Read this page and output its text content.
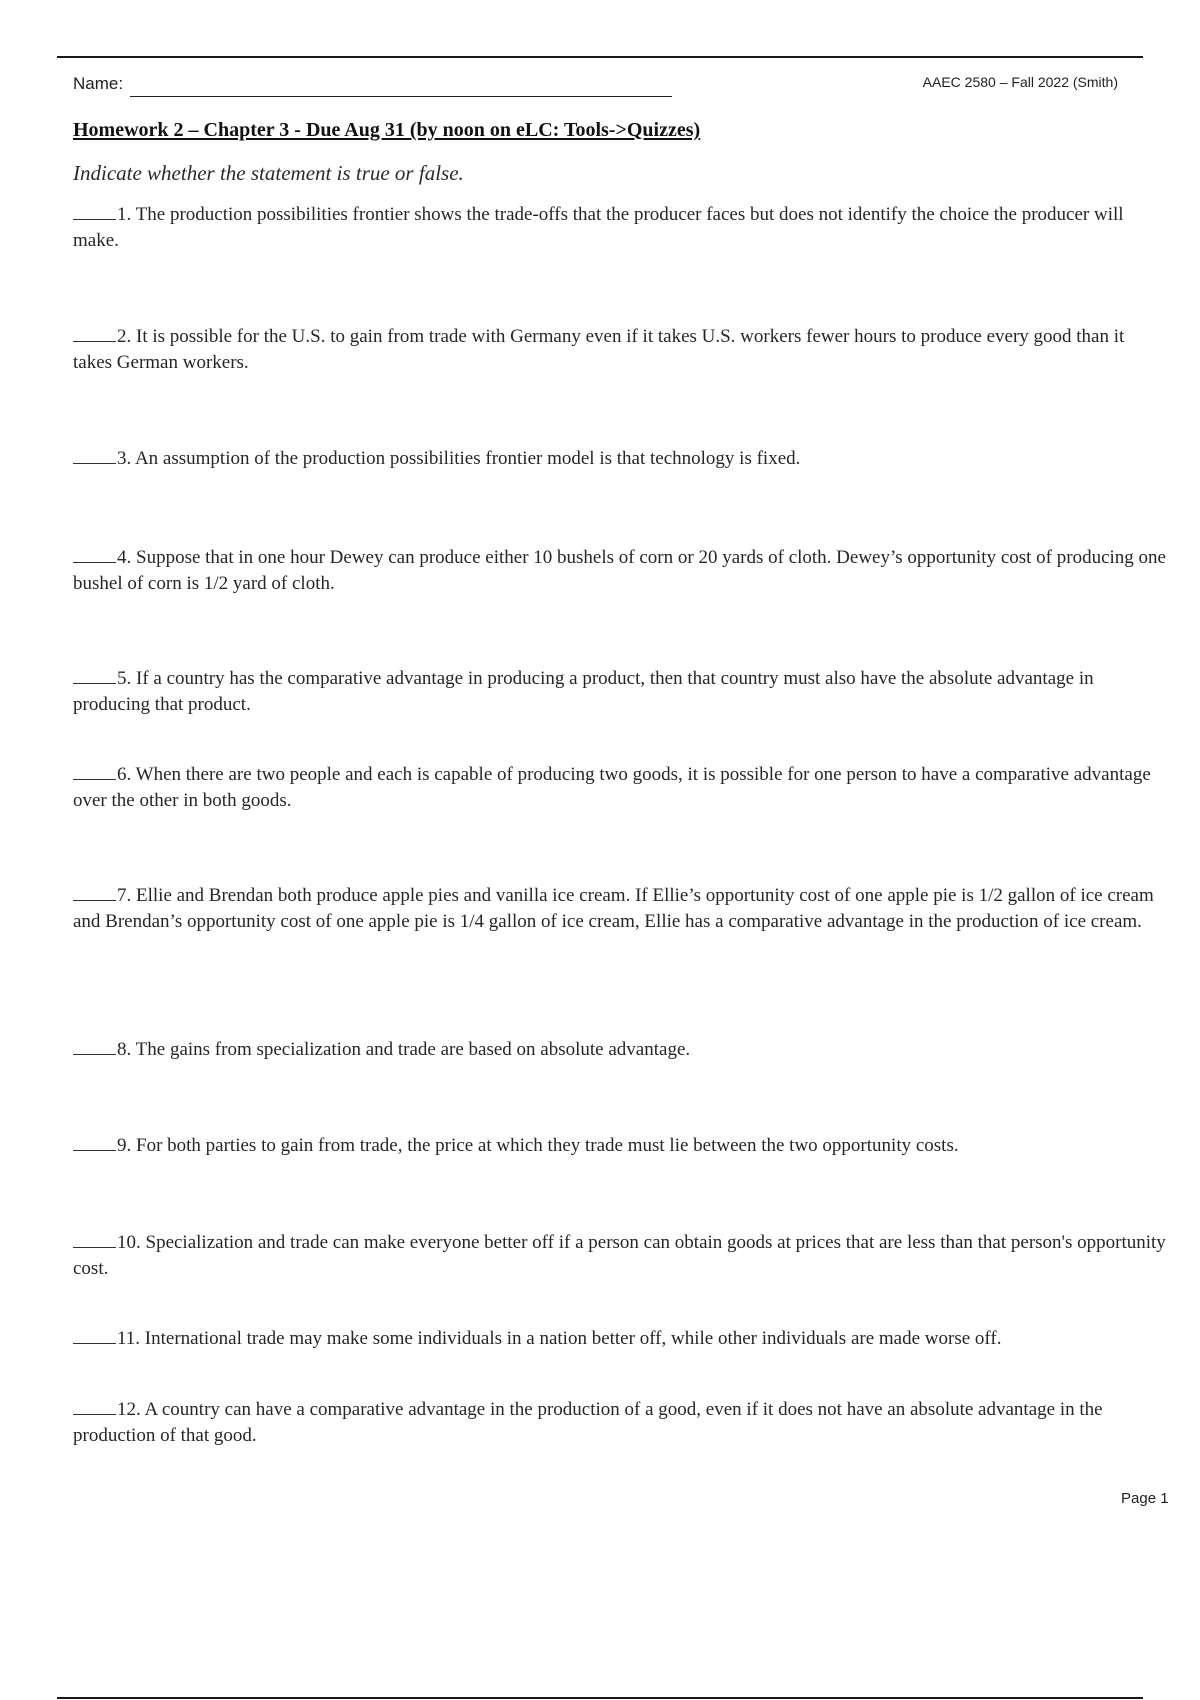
Name:	AAEC 2580 – Fall 2022 (Smith)
Homework 2 – Chapter 3 - Due Aug 31 (by noon on eLC: Tools->Quizzes)
Indicate whether the statement is true or false.
1. The production possibilities frontier shows the trade-offs that the producer faces but does not identify the choice the producer will make.
2. It is possible for the U.S. to gain from trade with Germany even if it takes U.S. workers fewer hours to produce every good than it takes German workers.
3. An assumption of the production possibilities frontier model is that technology is fixed.
4. Suppose that in one hour Dewey can produce either 10 bushels of corn or 20 yards of cloth. Dewey’s opportunity cost of producing one bushel of corn is 1/2 yard of cloth.
5. If a country has the comparative advantage in producing a product, then that country must also have the absolute advantage in producing that product.
6. When there are two people and each is capable of producing two goods, it is possible for one person to have a comparative advantage over the other in both goods.
7. Ellie and Brendan both produce apple pies and vanilla ice cream. If Ellie’s opportunity cost of one apple pie is 1/2 gallon of ice cream and Brendan’s opportunity cost of one apple pie is 1/4 gallon of ice cream, Ellie has a comparative advantage in the production of ice cream.
8. The gains from specialization and trade are based on absolute advantage.
9. For both parties to gain from trade, the price at which they trade must lie between the two opportunity costs.
10. Specialization and trade can make everyone better off if a person can obtain goods at prices that are less than that person's opportunity cost.
11. International trade may make some individuals in a nation better off, while other individuals are made worse off.
12. A country can have a comparative advantage in the production of a good, even if it does not have an absolute advantage in the production of that good.
Page 1
